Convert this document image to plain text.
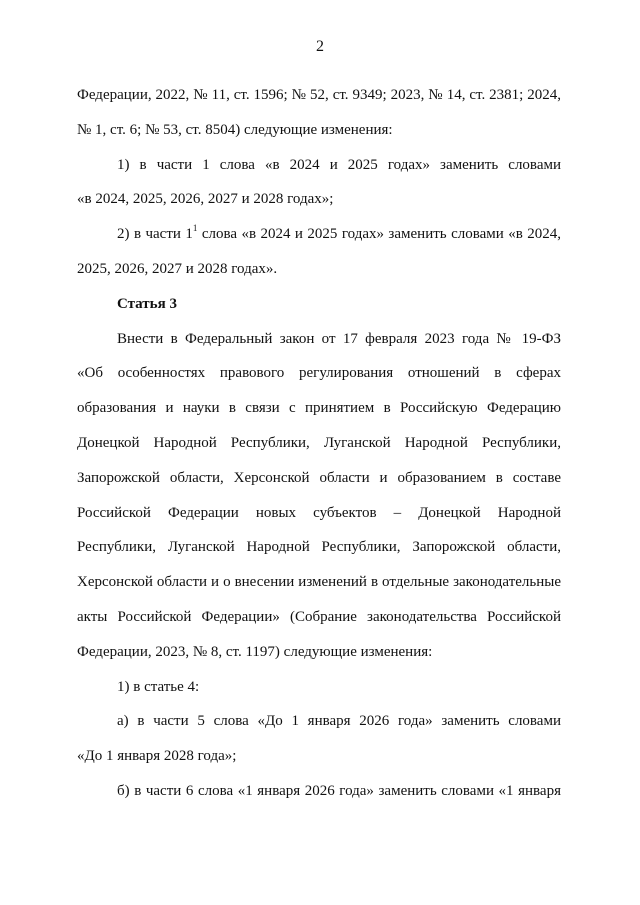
2

Федерации, 2022, № 11, ст. 1596; № 52, ст. 9349; 2023, № 14, ст. 2381; 2024,
№ 1, ст. 6; № 53, ст. 8504) следующие изменения:

1) в части 1 слова «в 2024 и 2025 годах» заменить словами
«в 2024, 2025, 2026, 2027 и 2028 годах»;

2) в части $1^1$ слова «в 2024 и 2025 годах» заменить словами «в 2024,
2025, 2026, 2027 и 2028 годах».

Статья 3

Внести в Федеральный закон от 17 февраля 2023 года № 19-ФЗ
«Об особенностях правового регулирования отношений в сферах
образования и науки в связи с принятием в Российскую Федерацию
Донецкой Народной Республики, Луганской Народной Республики,
Запорожской области, Херсонской области и образованием в составе
Российской Федерации новых субъектов – Донецкой Народной
Республики, Луганской Народной Республики, Запорожской области,
Херсонской области и о внесении изменений в отдельные законодательные
акты Российской Федерации» (Собрание законодательства Российской
Федерации, 2023, № 8, ст. 1197) следующие изменения:

1) в статье 4:

а) в части 5 слова «До 1 января 2026 года» заменить словами
«До 1 января 2028 года»;

б) в части 6 слова «1 января 2026 года» заменить словами «1 января
